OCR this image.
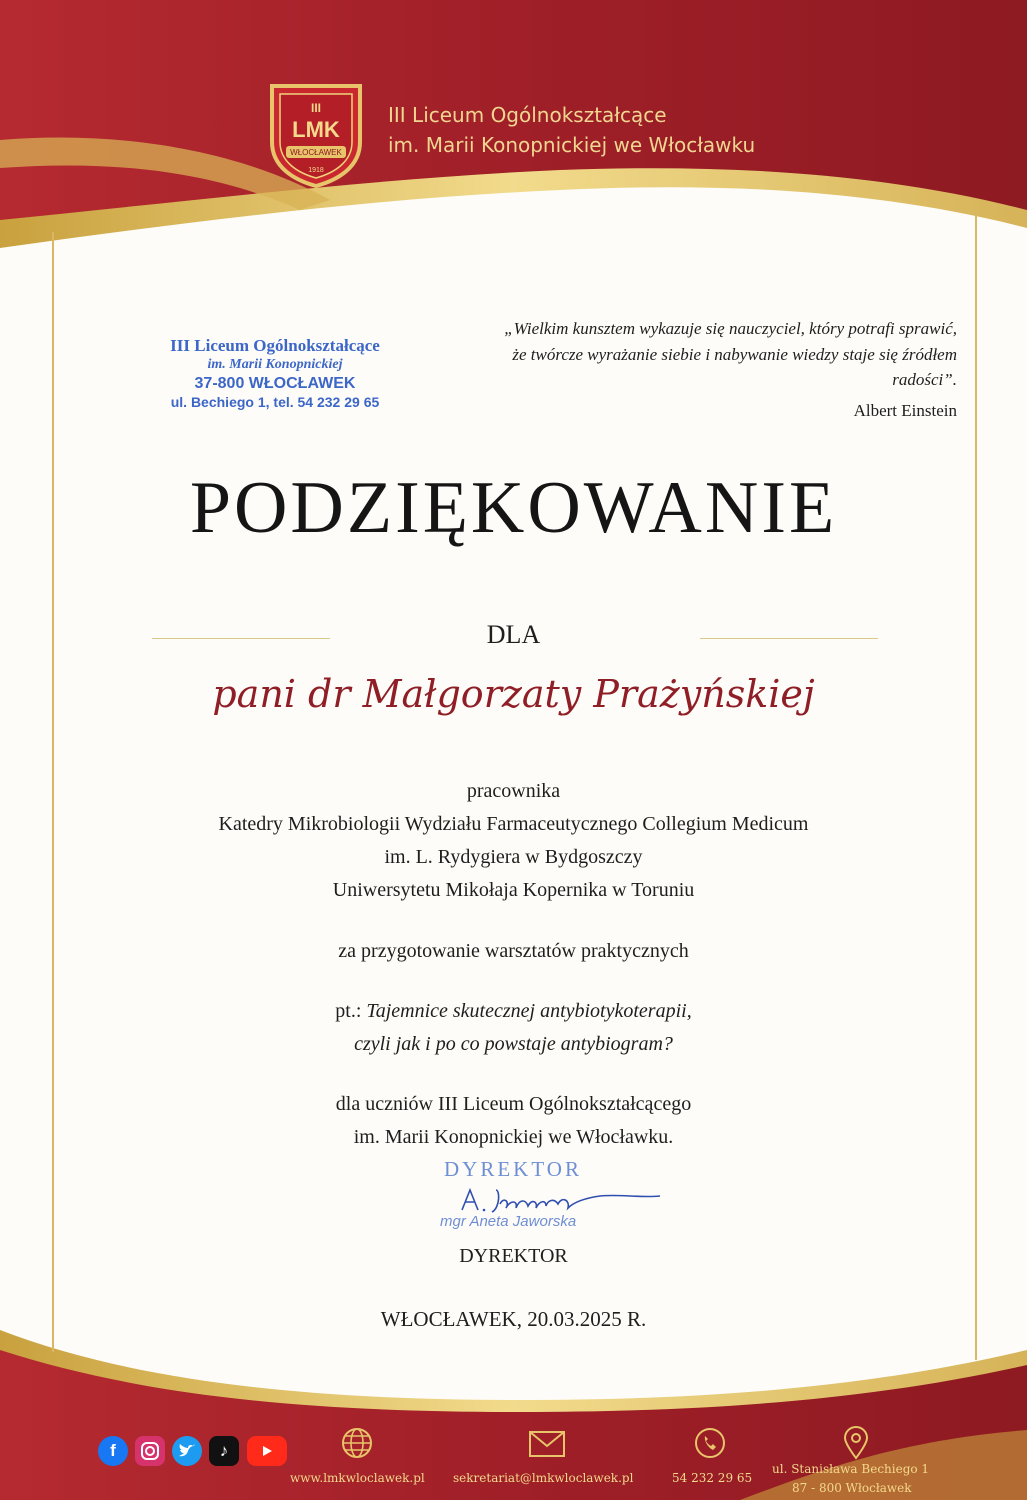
III
LMK
WŁOCŁAWEK
1918
III Liceum Ogólnokształcące
im. Marii Konopnickiej we Włocławku
III Liceum Ogólnokształcące
im. Marii Konopnickiej
37-800 WŁOCŁAWEK
ul. Bechiego 1, tel. 54 232 29 65
„Wielkim kunsztem wykazuje się nauczyciel, który potrafi sprawić,
że twórcze wyrażanie siebie i nabywanie wiedzy staje się źródłem
radości”.
Albert Einstein
PODZIĘKOWANIE
DLA
pani dr Małgorzaty Prażyńskiej
pracownika
Katedry Mikrobiologii Wydziału Farmaceutycznego Collegium Medicum
im. L. Rydygiera w Bydgoszczy
Uniwersytetu Mikołaja Kopernika w Toruniu
za przygotowanie warsztatów praktycznych
pt.: Tajemnice skutecznej antybiotykoterapii,
czyli jak i po co powstaje antybiogram?
dla uczniów III Liceum Ogólnokształcącego
im. Marii Konopnickiej we Włocławku.
DYREKTOR
mgr Aneta Jaworska
DYREKTOR
WŁOCŁAWEK, 20.03.2025 R.
f	♪
www.lmkwloclawek.pl sekretariat@lmkwloclawek.pl	54 232 29 65
ul. Stanisława Bechiego 1
87 - 800 Włocławek
